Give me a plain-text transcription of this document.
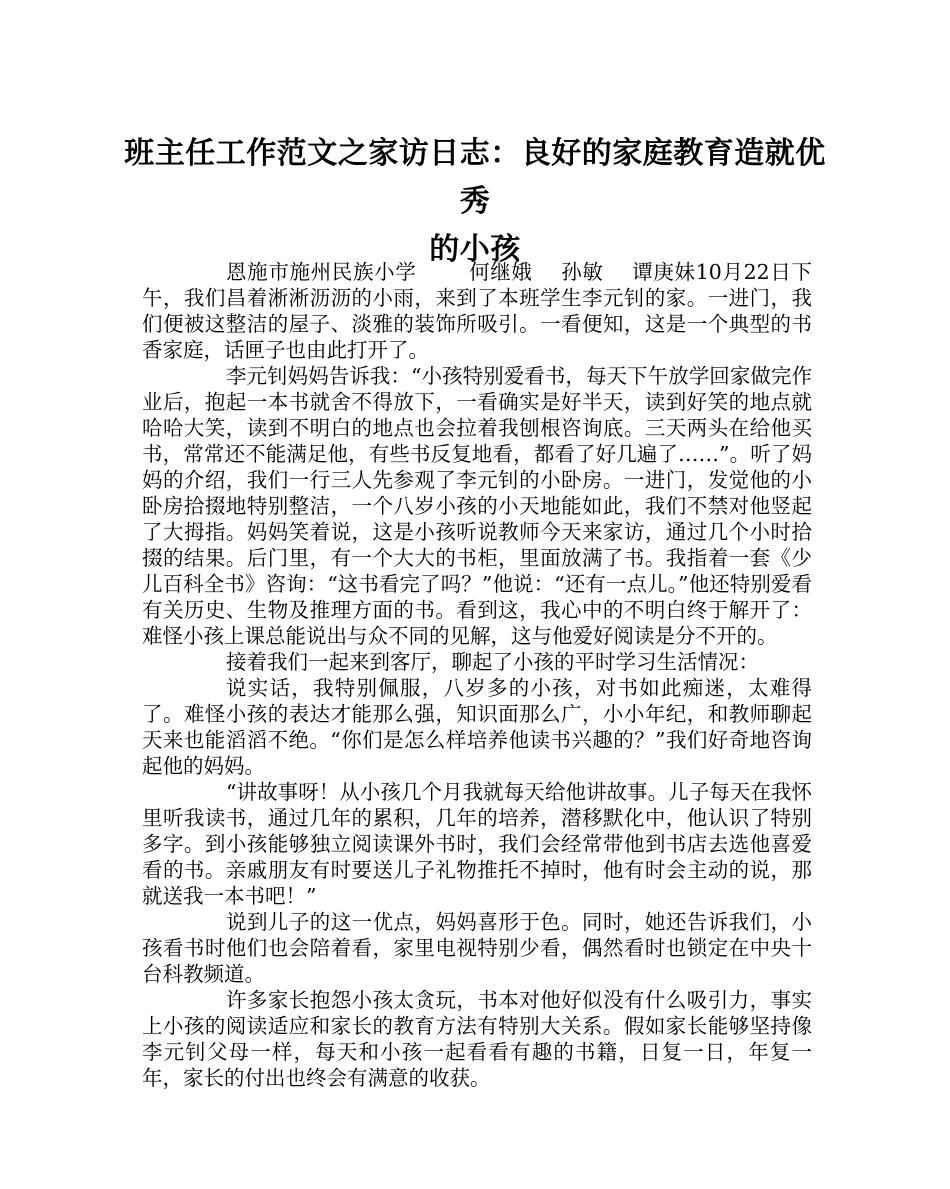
班主任工作范文之家访日志：良好的家庭教育造就优秀
的小孩

恩施市施州民族小学	何继娥 孙敏 谭庚妹10月22日下午，我们昌着淅淅沥沥的小雨，来到了本班学生李元钊的家。一进门，我们便被这整洁的屋子、淡雅的装饰所吸引。一看便知，这是一个典型的书香家庭，话匣子也由此打开了。

李元钊妈妈告诉我：“小孩特别爱看书，每天下午放学回家做完作业后，抱起一本书就舍不得放下，一看确实是好半天，读到好笑的地点就哈哈大笑，读到不明白的地点也会拉着我刨根咨询底。三天两头在给他买书，常常还不能满足他，有些书反复地看，都看了好几遍了……”。听了妈妈的介绍，我们一行三人先参观了李元钊的小卧房。一进门，发觉他的小卧房拾掇地特别整洁，一个八岁小孩的小天地能如此，我们不禁对他竖起了大拇指。妈妈笑着说，这是小孩听说教师今天来家访，通过几个小时拾掇的结果。后门里，有一个大大的书柜，里面放满了书。我指着一套《少儿百科全书》咨询：“这书看完了吗？”他说：“还有一点儿。”他还特别爱看有关历史、生物及推理方面的书。看到这，我心中的不明白终于解开了：难怪小孩上课总能说出与众不同的见解，这与他爱好阅读是分不开的。

接着我们一起来到客厅，聊起了小孩的平时学习生活情况：

说实话，我特别佩服，八岁多的小孩，对书如此痴迷，太难得了。难怪小孩的表达才能那么强，知识面那么广，小小年纪，和教师聊起天来也能滔滔不绝。“你们是怎么样培养他读书兴趣的？”我们好奇地咨询起他的妈妈。

“讲故事呀！从小孩几个月我就每天给他讲故事。儿子每天在我怀里听我读书，通过几年的累积，几年的培养，潜移默化中，他认识了特别多字。到小孩能够独立阅读课外书时，我们会经常带他到书店去选他喜爱看的书。亲戚朋友有时要送儿子礼物推托不掉时，他有时会主动的说，那就送我一本书吧！”

说到儿子的这一优点，妈妈喜形于色。同时，她还告诉我们，小孩看书时他们也会陪着看，家里电视特别少看，偶然看时也锁定在中央十台科教频道。

许多家长抱怨小孩太贪玩，书本对他好似没有什么吸引力，事实上小孩的阅读适应和家长的教育方法有特别大关系。假如家长能够坚持像李元钊父母一样，每天和小孩一起看看有趣的书籍，日复一日，年复一年，家长的付出也终会有满意的收获。
